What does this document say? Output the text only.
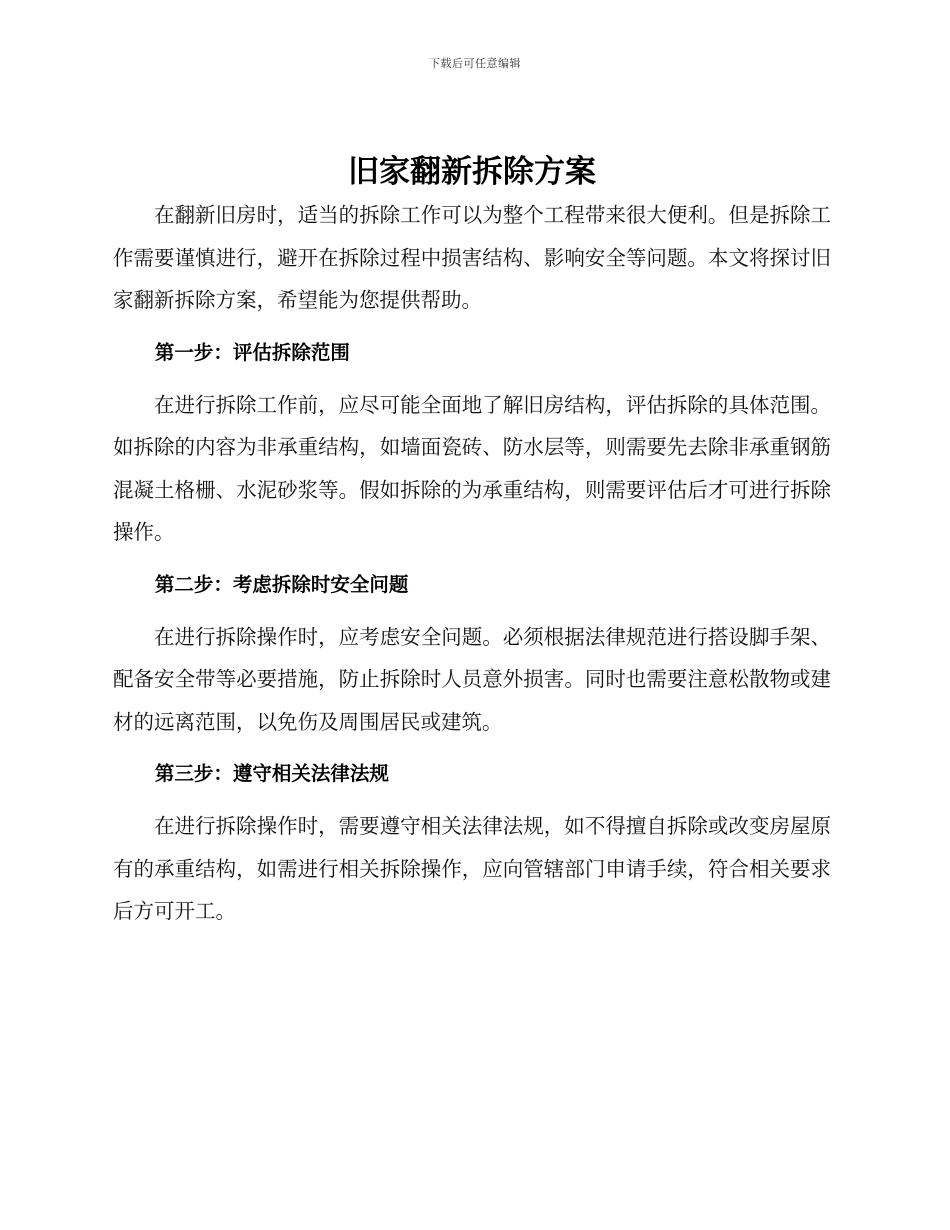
下载后可任意编辑
旧家翻新拆除方案

在翻新旧房时，适当的拆除工作可以为整个工程带来很大便利。但是拆除工作需要谨慎进行，避开在拆除过程中损害结构、影响安全等问题。本文将探讨旧家翻新拆除方案，希望能为您提供帮助。

第一步：评估拆除范围

在进行拆除工作前，应尽可能全面地了解旧房结构，评估拆除的具体范围。如拆除的内容为非承重结构，如墙面瓷砖、防水层等，则需要先去除非承重钢筋混凝土格栅、水泥砂浆等。假如拆除的为承重结构，则需要评估后才可进行拆除操作。

第二步：考虑拆除时安全问题

在进行拆除操作时，应考虑安全问题。必须根据法律规范进行搭设脚手架、配备安全带等必要措施，防止拆除时人员意外损害。同时也需要注意松散物或建材的远离范围，以免伤及周围居民或建筑。

第三步：遵守相关法律法规

在进行拆除操作时，需要遵守相关法律法规，如不得擅自拆除或改变房屋原有的承重结构，如需进行相关拆除操作，应向管辖部门申请手续，符合相关要求后方可开工。
